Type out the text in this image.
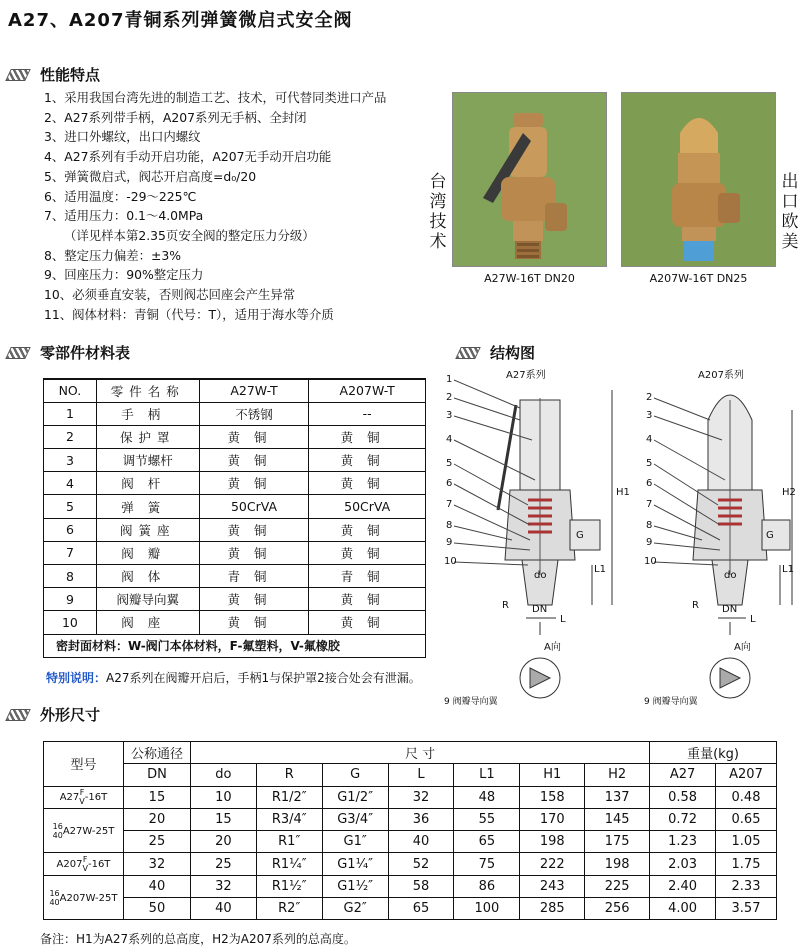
A27、A207青铜系列弹簧微启式安全阀
性能特点
1、采用我国台湾先进的制造工艺、技术，可代替同类进口产品
2、A27系列带手柄，A207系列无手柄、全封闭
3、进口外螺纹，出口内螺纹
4、A27系列有手动开启功能，A207无手动开启功能
5、弹簧微启式，阀芯开启高度=d₀/20
6、适用温度：-29～225℃
7、适用压力：0.1～4.0MPa
（详见样本第2.35页安全阀的整定压力分级）
8、整定压力偏差：±3%
9、回座压力：90%整定压力
10、必须垂直安装，否则阀芯回座会产生异常
11、阀体材料：青铜（代号：T），适用于海水等介质
A27W-16T DN20
台
湾
技
术
A207W-16T DN25
出
口
欧
美
零部件材料表
NO.	零件名称	A27W-T	A207W-T
1	手柄	不锈钢	--
2	保护罩	黄铜	黄铜
3	调节螺杆	黄铜	黄铜
4	阀杆	黄铜	黄铜
5	弹簧	50CrVA	50CrVA
6	阀簧座	黄铜	黄铜
7	阀瓣	黄铜	黄铜
8	阀体	青铜	青铜
9	阀瓣导向翼	黄铜	黄铜
10	阀座	黄铜	黄铜
密封面材料：W-阀门本体材料，F-氟塑料，V-氟橡胶			
特别说明：A27系列在阀瓣开启后，手柄1与保护罩2接合处会有泄漏。
结构图
A27系列	A207系列
1
2
3
4
5
6
7
8
9
10
2
3
4
5
6
7
8
9
10
H1	H2
L1	L1
G	G
do	do
DN	DN
L	L
R	R
A向	A向
9 阀瓣导向翼	9 阀瓣导向翼
外形尺寸
型号	公称通径	尺 寸							重量(kg)	
	DN	do	R	G	L	L1	H1	H2	A27	A207
A27 F
V -16T	15	10	R1/2″	G1/2″	32	48	158	137	0.58	0.48

16
40 A27W-25T	20	15	R3/4″	G3/4″	36	55	170	145	0.72	0.65
	25	20	R1″	G1″	40	65	198	175	1.23	1.05
A207 F
V -16T	32	25	R1¹⁄₄″	G1¹⁄₄″	52	75	222	198	2.03	1.75

16
40 A207W-25T	40	32	R1¹⁄₂″	G1¹⁄₂″	58	86	243	225	2.40	2.33
	50	40	R2″	G2″	65	100	285	256	4.00	3.57
备注：H1为A27系列的总高度，H2为A207系列的总高度。
